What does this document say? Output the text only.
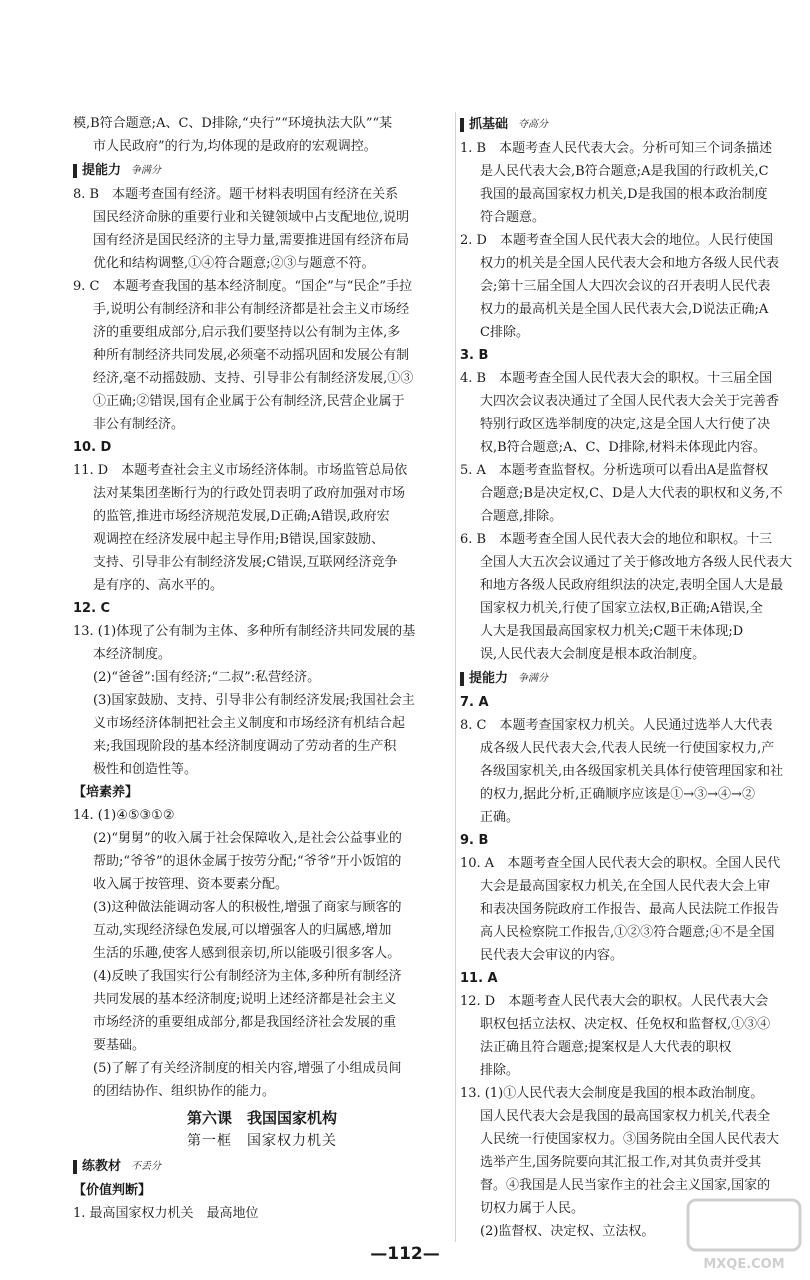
模,B符合题意;A、C、D排除,“央行”“环境执法大队”“某
市人民政府”的行为,均体现的是政府的宏观调控。
提能力 争满分
8. B　本题考查国有经济。题干材料表明国有经济在关系
国民经济命脉的重要行业和关键领域中占支配地位,说明
国有经济是国民经济的主导力量,需要推进国有经济布局
优化和结构调整,①④符合题意;②③与题意不符。
9. C　本题考查我国的基本经济制度。“国企”与“民企”手拉
手,说明公有制经济和非公有制经济都是社会主义市场经
济的重要组成部分,启示我们要坚持以公有制为主体,多
种所有制经济共同发展,必须毫不动摇巩固和发展公有制
经济,毫不动摇鼓励、支持、引导非公有制经济发展,①③
①正确;②错误,国有企业属于公有制经济,民营企业属于
非公有制经济。
10. D
11. D　本题考查社会主义市场经济体制。市场监管总局依
法对某集团垄断行为的行政处罚表明了政府加强对市场
的监管,推进市场经济规范发展,D正确;A错误,政府宏
观调控在经济发展中起主导作用;B错误,国家鼓励、
支持、引导非公有制经济发展;C错误,互联网经济竞争
是有序的、高水平的。
12. C
13. (1)体现了公有制为主体、多种所有制经济共同发展的基
本经济制度。
(2)“爸爸”:国有经济;“二叔”:私营经济。
(3)国家鼓励、支持、引导非公有制经济发展;我国社会主
义市场经济体制把社会主义制度和市场经济有机结合起
来;我国现阶段的基本经济制度调动了劳动者的生产积
极性和创造性等。
【培素养】
14. (1)④⑤③①②
(2)“舅舅”的收入属于社会保障收入,是社会公益事业的
帮助;“爷爷”的退休金属于按劳分配;“爷爷”开小饭馆的
收入属于按管理、资本要素分配。
(3)这种做法能调动客人的积极性,增强了商家与顾客的
互动,实现经济绿色发展,可以增强客人的归属感,增加
生活的乐趣,使客人感到很亲切,所以能吸引很多客人。
(4)反映了我国实行公有制经济为主体,多种所有制经济
共同发展的基本经济制度;说明上述经济都是社会主义
市场经济的重要组成部分,都是我国经济社会发展的重
要基础。
(5)了解了有关经济制度的相关内容,增强了小组成员间
的团结协作、组织协作的能力。
第六课　我国国家机构
第一框　国家权力机关
练教材 不丢分
【价值判断】
1. 最高国家权力机关　最高地位
抓基础 夺高分
1. B　本题考查人民代表大会。分析可知三个词条描述
是人民代表大会,B符合题意;A是我国的行政机关,C
我国的最高国家权力机关,D是我国的根本政治制度
符合题意。
2. D　本题考查全国人民代表大会的地位。人民行使国
权力的机关是全国人民代表大会和地方各级人民代表
会;第十三届全国人大四次会议的召开表明人民代表
权力的最高机关是全国人民代表大会,D说法正确;A
C排除。
3. B
4. B　本题考查全国人民代表大会的职权。十三届全国
大四次会议表决通过了全国人民代表大会关于完善香
特别行政区选举制度的决定,这是全国人大行使了决
权,B符合题意;A、C、D排除,材料未体现此内容。
5. A　本题考查监督权。分析选项可以看出A是监督权
合题意;B是决定权,C、D是人大代表的职权和义务,不
合题意,排除。
6. B　本题考查全国人民代表大会的地位和职权。十三
全国人大五次会议通过了关于修改地方各级人民代表大
和地方各级人民政府组织法的决定,表明全国人大是最
国家权力机关,行使了国家立法权,B正确;A错误,全
人大是我国最高国家权力机关;C题干未体现;D
误,人民代表大会制度是根本政治制度。
提能力 争满分
7. A
8. C　本题考查国家权力机关。人民通过选举人大代表
成各级人民代表大会,代表人民统一行使国家权力,产
各级国家机关,由各级国家机关具体行使管理国家和社
的权力,据此分析,正确顺序应该是①→③→④→②
正确。
9. B
10. A　本题考查全国人民代表大会的职权。全国人民代
大会是最高国家权力机关,在全国人民代表大会上审
和表决国务院政府工作报告、最高人民法院工作报告
高人民检察院工作报告,①②③符合题意;④不是全国
民代表大会审议的内容。
11. A
12. D　本题考查人民代表大会的职权。人民代表大会
职权包括立法权、决定权、任免权和监督权,①③④
法正确且符合题意;提案权是人大代表的职权
排除。
13. (1)①人民代表大会制度是我国的根本政治制度。
国人民代表大会是我国的最高国家权力机关,代表全
人民统一行使国家权力。③国务院由全国人民代表大
选举产生,国务院要向其汇报工作,对其负责并受其
督。④我国是人民当家作主的社会主义国家,国家的
切权力属于人民。
(2)监督权、决定权、立法权。
—112—
MXQE.COM
